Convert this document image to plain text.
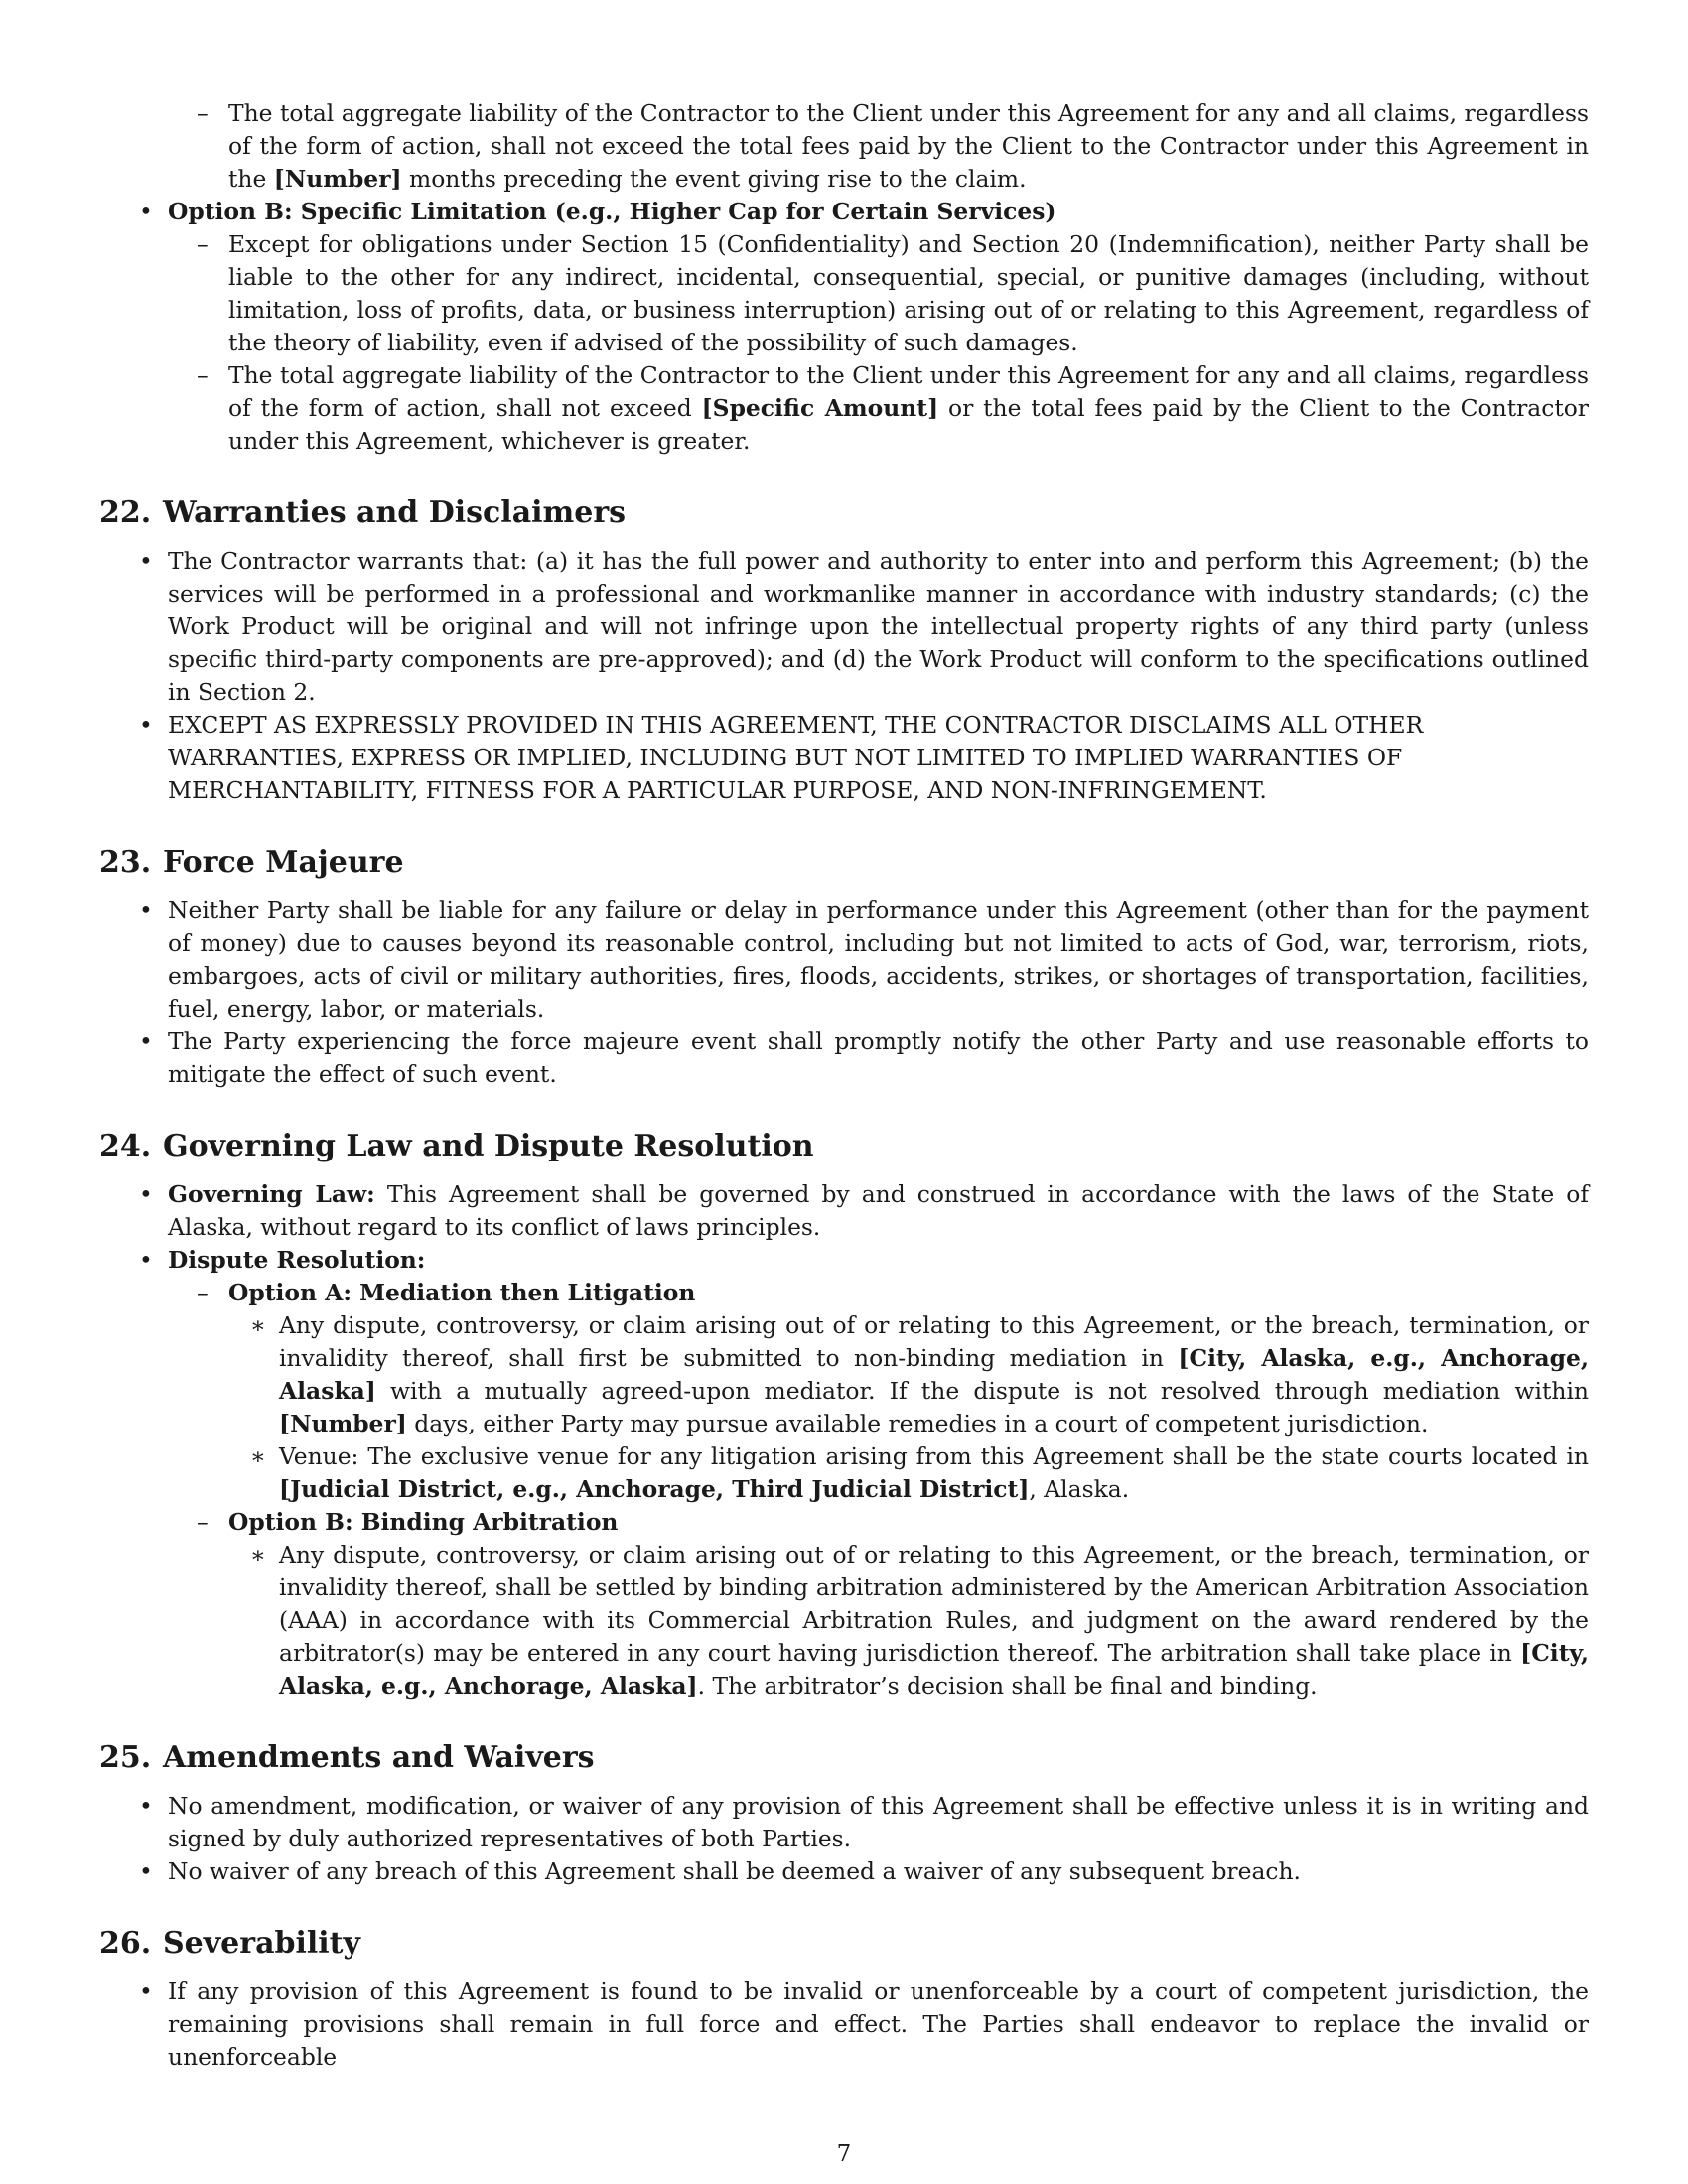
– The total aggregate liability of the Contractor to the Client under this Agreement for any and all claims, regardless of the form of action, shall not exceed the total fees paid by the Client to the Contractor under this Agreement in the [Number] months preceding the event giving rise to the claim.

• Option B: Specific Limitation (e.g., Higher Cap for Certain Services)

– Except for obligations under Section 15 (Confidentiality) and Section 20 (Indemnification), neither Party shall be liable to the other for any indirect, incidental, consequential, special, or punitive damages (including, without limitation, loss of profits, data, or business interruption) arising out of or relating to this Agreement, regardless of the theory of liability, even if advised of the possibility of such damages.

– The total aggregate liability of the Contractor to the Client under this Agreement for any and all claims, regardless of the form of action, shall not exceed [Specific Amount] or the total fees paid by the Client to the Contractor under this Agreement, whichever is greater.

22. Warranties and Disclaimers

• The Contractor warrants that: (a) it has the full power and authority to enter into and perform this Agreement; (b) the services will be performed in a professional and workmanlike manner in accordance with industry standards; (c) the Work Product will be original and will not infringe upon the intellectual property rights of any third party (unless specific third-party components are pre-approved); and (d) the Work Product will conform to the specifications outlined in Section 2.

• EXCEPT AS EXPRESSLY PROVIDED IN THIS AGREEMENT, THE CONTRACTOR DISCLAIMS ALL OTHER WARRANTIES, EXPRESS OR IMPLIED, INCLUDING BUT NOT LIMITED TO IMPLIED WARRANTIES OF MERCHANTABILITY, FITNESS FOR A PARTICULAR PURPOSE, AND NON-INFRINGEMENT.

23. Force Majeure

• Neither Party shall be liable for any failure or delay in performance under this Agreement (other than for the payment of money) due to causes beyond its reasonable control, including but not limited to acts of God, war, terrorism, riots, embargoes, acts of civil or military authorities, fires, floods, accidents, strikes, or shortages of transportation, facilities, fuel, energy, labor, or materials.

• The Party experiencing the force majeure event shall promptly notify the other Party and use reasonable efforts to mitigate the effect of such event.

24. Governing Law and Dispute Resolution

• Governing Law: This Agreement shall be governed by and construed in accordance with the laws of the State of Alaska, without regard to its conflict of laws principles.

• Dispute Resolution:

– Option A: Mediation then Litigation

∗ Any dispute, controversy, or claim arising out of or relating to this Agreement, or the breach, termination, or invalidity thereof, shall first be submitted to non-binding mediation in [City, Alaska, e.g., Anchorage, Alaska] with a mutually agreed-upon mediator. If the dispute is not resolved through mediation within [Number] days, either Party may pursue available remedies in a court of competent jurisdiction.

∗ Venue: The exclusive venue for any litigation arising from this Agreement shall be the state courts located in [Judicial District, e.g., Anchorage, Third Judicial District], Alaska.

– Option B: Binding Arbitration

∗ Any dispute, controversy, or claim arising out of or relating to this Agreement, or the breach, termination, or invalidity thereof, shall be settled by binding arbitration administered by the American Arbitration Association (AAA) in accordance with its Commercial Arbitration Rules, and judgment on the award rendered by the arbitrator(s) may be entered in any court having jurisdiction thereof. The arbitration shall take place in [City, Alaska, e.g., Anchorage, Alaska]. The arbitrator’s decision shall be final and binding.

25. Amendments and Waivers

• No amendment, modification, or waiver of any provision of this Agreement shall be effective unless it is in writing and signed by duly authorized representatives of both Parties.

• No waiver of any breach of this Agreement shall be deemed a waiver of any subsequent breach.

26. Severability

• If any provision of this Agreement is found to be invalid or unenforceable by a court of competent jurisdiction, the remaining provisions shall remain in full force and effect. The Parties shall endeavor to replace the invalid or unenforceable

7
